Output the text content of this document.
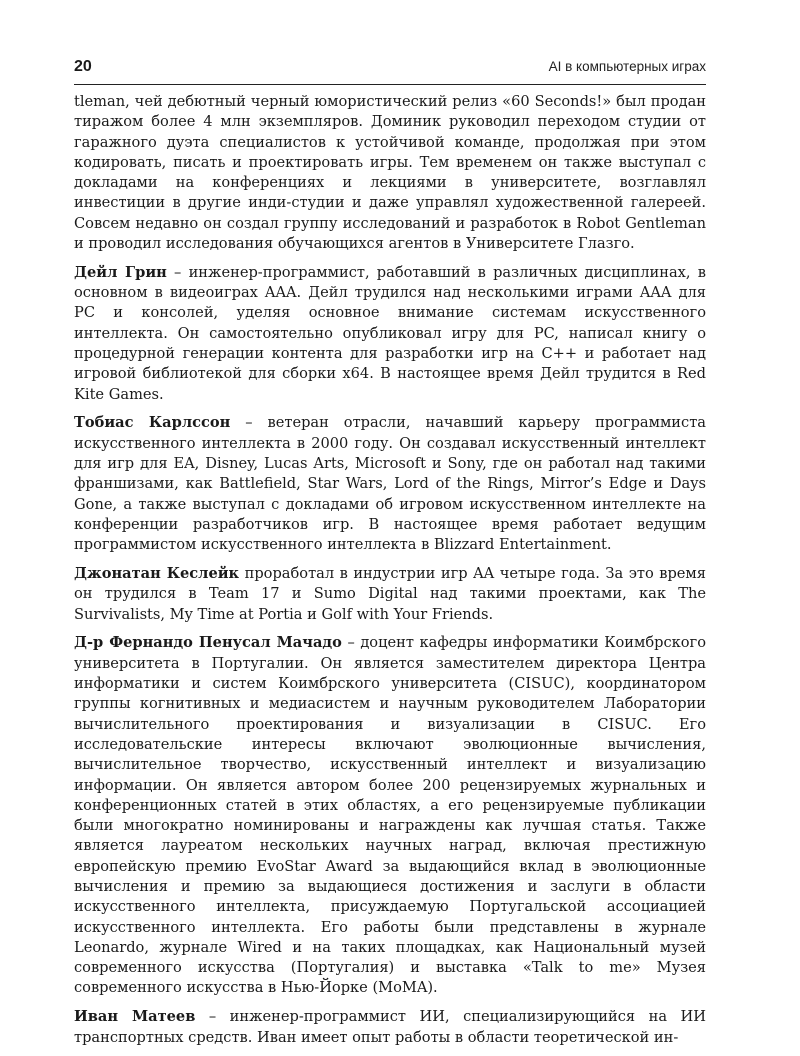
20	AI в компьютерных играх

tleman, чей дебютный черный юмористический релиз «60 Seconds!» был продан тиражом более 4 млн экземпляров. Доминик руководил переходом студии от гаражного дуэта специалистов к устойчивой команде, продолжая при этом кодировать, писать и проектировать игры. Тем временем он также выступал с докладами на конференциях и лекциями в университете, возглавлял инвестиции в другие инди-студии и даже управлял художественной галереей. Совсем недавно он создал группу исследований и разработок в Robot Gentleman и проводил исследования обучающихся агентов в Университете Глазго.

Дейл Грин – инженер-программист, работавший в различных дисциплинах, в основном в видеоиграх AAA. Дейл трудился над несколькими играми AAA для PC и консолей, уделяя основное внимание системам искусственного интеллекта. Он самостоятельно опубликовал игру для PC, написал книгу о процедурной генерации контента для разработки игр на C++ и работает над игровой библиотекой для сборки x64. В настоящее время Дейл трудится в Red Kite Games.

Тобиас Карлссон – ветеран отрасли, начавший карьеру программиста искусственного интеллекта в 2000 году. Он создавал искусственный интеллект для игр для EA, Disney, Lucas Arts, Microsoft и Sony, где он работал над такими франшизами, как Battlefield, Star Wars, Lord of the Rings, Mirror’s Edge и Days Gone, а также выступал с докладами об игровом искусственном интеллекте на конференции разработчиков игр. В настоящее время работает ведущим программистом искусственного интеллекта в Blizzard Entertainment.

Джонатан Кеслейк проработал в индустрии игр AA четыре года. За это время он трудился в Team 17 и Sumo Digital над такими проектами, как The Survivalists, My Time at Portia и Golf with Your Friends.

Д-р Фернандо Пенусал Мачадо – доцент кафедры информатики Коимбрского университета в Португалии. Он является заместителем директора Центра информатики и систем Коимбрского университета (CISUC), координатором группы когнитивных и медиасистем и научным руководителем Лаборатории вычислительного проектирования и визуализации в CISUC. Его исследовательские интересы включают эволюционные вычисления, вычислительное творчество, искусственный интеллект и визуализацию информации. Он является автором более 200 рецензируемых журнальных и конференционных статей в этих областях, а его рецензируемые публикации были многократно номинированы и награждены как лучшая статья. Также является лауреатом нескольких научных наград, включая престижную европейскую премию EvoStar Award за выдающийся вклад в эволюционные вычисления и премию за выдающиеся достижения и заслуги в области искусственного интеллекта, присуждаемую Португальской ассоциацией искусственного интеллекта. Его работы были представлены в журнале Leonardo, журнале Wired и на таких площадках, как Национальный музей современного искусства (Португалия) и выставка «Talk to me» Музея современного искусства в Нью-Йорке (MoMA).

Иван Матеев – инженер-программист ИИ, специализирующийся на ИИ транспортных средств. Иван имеет опыт работы в области теоретической ин-
